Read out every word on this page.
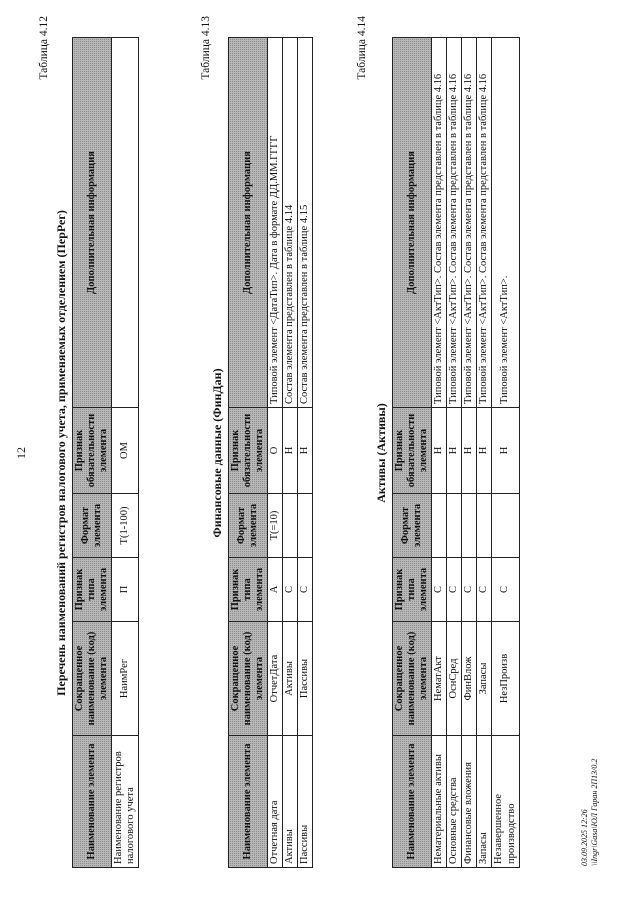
12
Таблица 4.12
Перечень наименований регистров налогового учета, применяемых отделением (ПерРег)
Наименование элемента	Сокращенное наименование (код) элемента	Признак типа элемента	Формат элемента	Признак обязательности элемента	Дополнительная информация
Наименование регистров налогового учета	НаимРег	П	T(1-100)	ОМ	
Таблица 4.13
Финансовые данные (ФинДан)
Наименование элемента	Сокращенное наименование (код) элемента	Признак типа элемента	Формат элемента	Признак обязательности элемента	Дополнительная информация
Отчетная дата	ОтчетДата	А	T(=10)	О	Типовой элемент <ДатаТип>. Дата в формате ДД.ММ.ГГГГ
Активы	Активы	С		Н	Состав элемента представлен в таблице 4.14
Пассивы	Пассивы	С		Н	Состав элемента представлен в таблице 4.15
Таблица 4.14
Активы (Активы)
Наименование элемента	Сокращенное наименование (код) элемента	Признак типа элемента	Формат элемента	Признак обязательности элемента	Дополнительная информация
Нематериальные активы	НематАкт	С		Н	Типовой элемент <АктТип>. Состав элемента представлен в таблице 4.16
Основные средства	ОснСред	С		Н	Типовой элемент <АктТип>. Состав элемента представлен в таблице 4.16
Финансовые вложения	ФинВлож	С		Н	Типовой элемент <АктТип>. Состав элемента представлен в таблице 4.16
Запасы	Запасы	С		Н	Типовой элемент <АктТип>. Состав элемента представлен в таблице 4.16
Незавершенное производство	НезПроизв	С		Н	Типовой элемент <АктТип>.
03.09.2025 12:26 \\Ingr\Gasa\ЮЛ Гаран 2П13/0.2
